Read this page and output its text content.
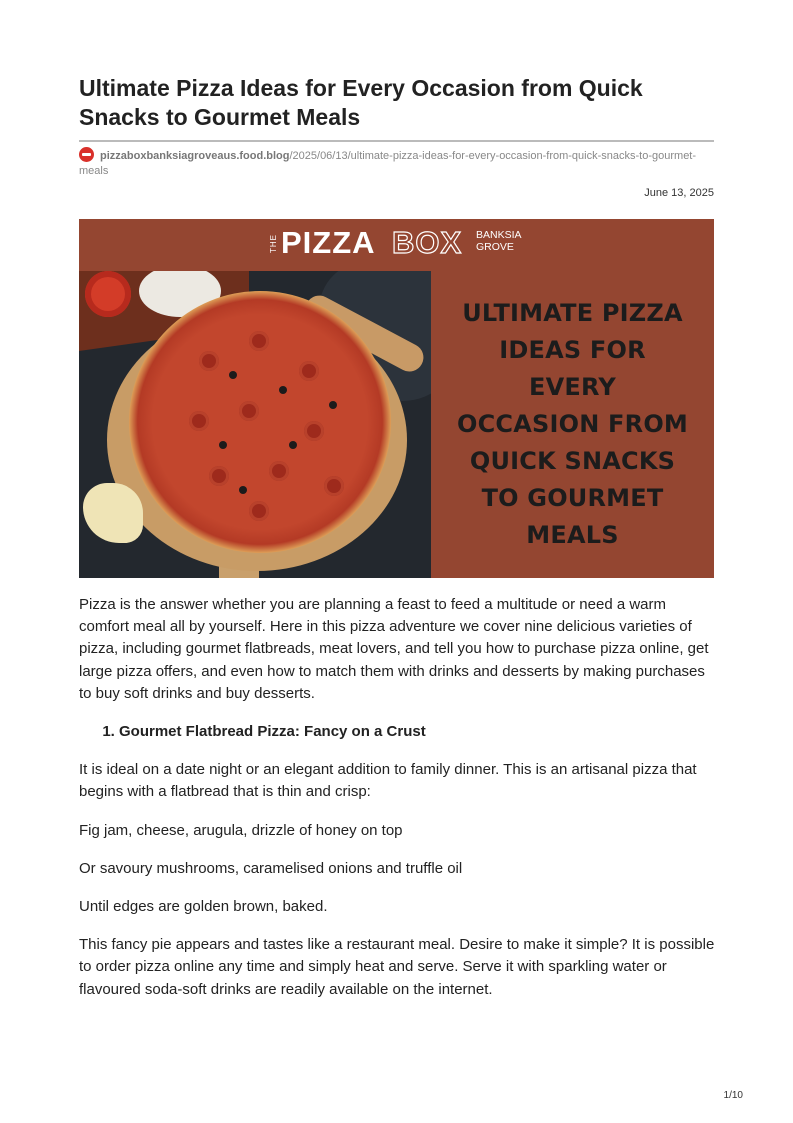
Ultimate Pizza Ideas for Every Occasion from Quick Snacks to Gourmet Meals
pizzaboxbanksiagroveaus.food.blog/2025/06/13/ultimate-pizza-ideas-for-every-occasion-from-quick-snacks-to-gourmet-meals
June 13, 2025
THE PIZZA BOX BANKSIA
GROVE
ULTIMATE PIZZA
IDEAS FOR
EVERY
OCCASION FROM
QUICK SNACKS
TO GOURMET
MEALS

Pizza is the answer whether you are planning a feast to feed a multitude or need a warm comfort meal all by yourself. Here in this pizza adventure we cover nine delicious varieties of pizza, including gourmet flatbreads, meat lovers, and tell you how to purchase pizza online, get large pizza offers, and even how to match them with drinks and desserts by making purchases to buy soft drinks and buy desserts.

1. Gourmet Flatbread Pizza: Fancy on a Crust

It is ideal on a date night or an elegant addition to family dinner. This is an artisanal pizza that begins with a flatbread that is thin and crisp:

Fig jam, cheese, arugula, drizzle of honey on top

Or savoury mushrooms, caramelised onions and truffle oil

Until edges are golden brown, baked.

This fancy pie appears and tastes like a restaurant meal. Desire to make it simple? It is possible to order pizza online any time and simply heat and serve. Serve it with sparkling water or flavoured soda-soft drinks are readily available on the internet.

1/10
